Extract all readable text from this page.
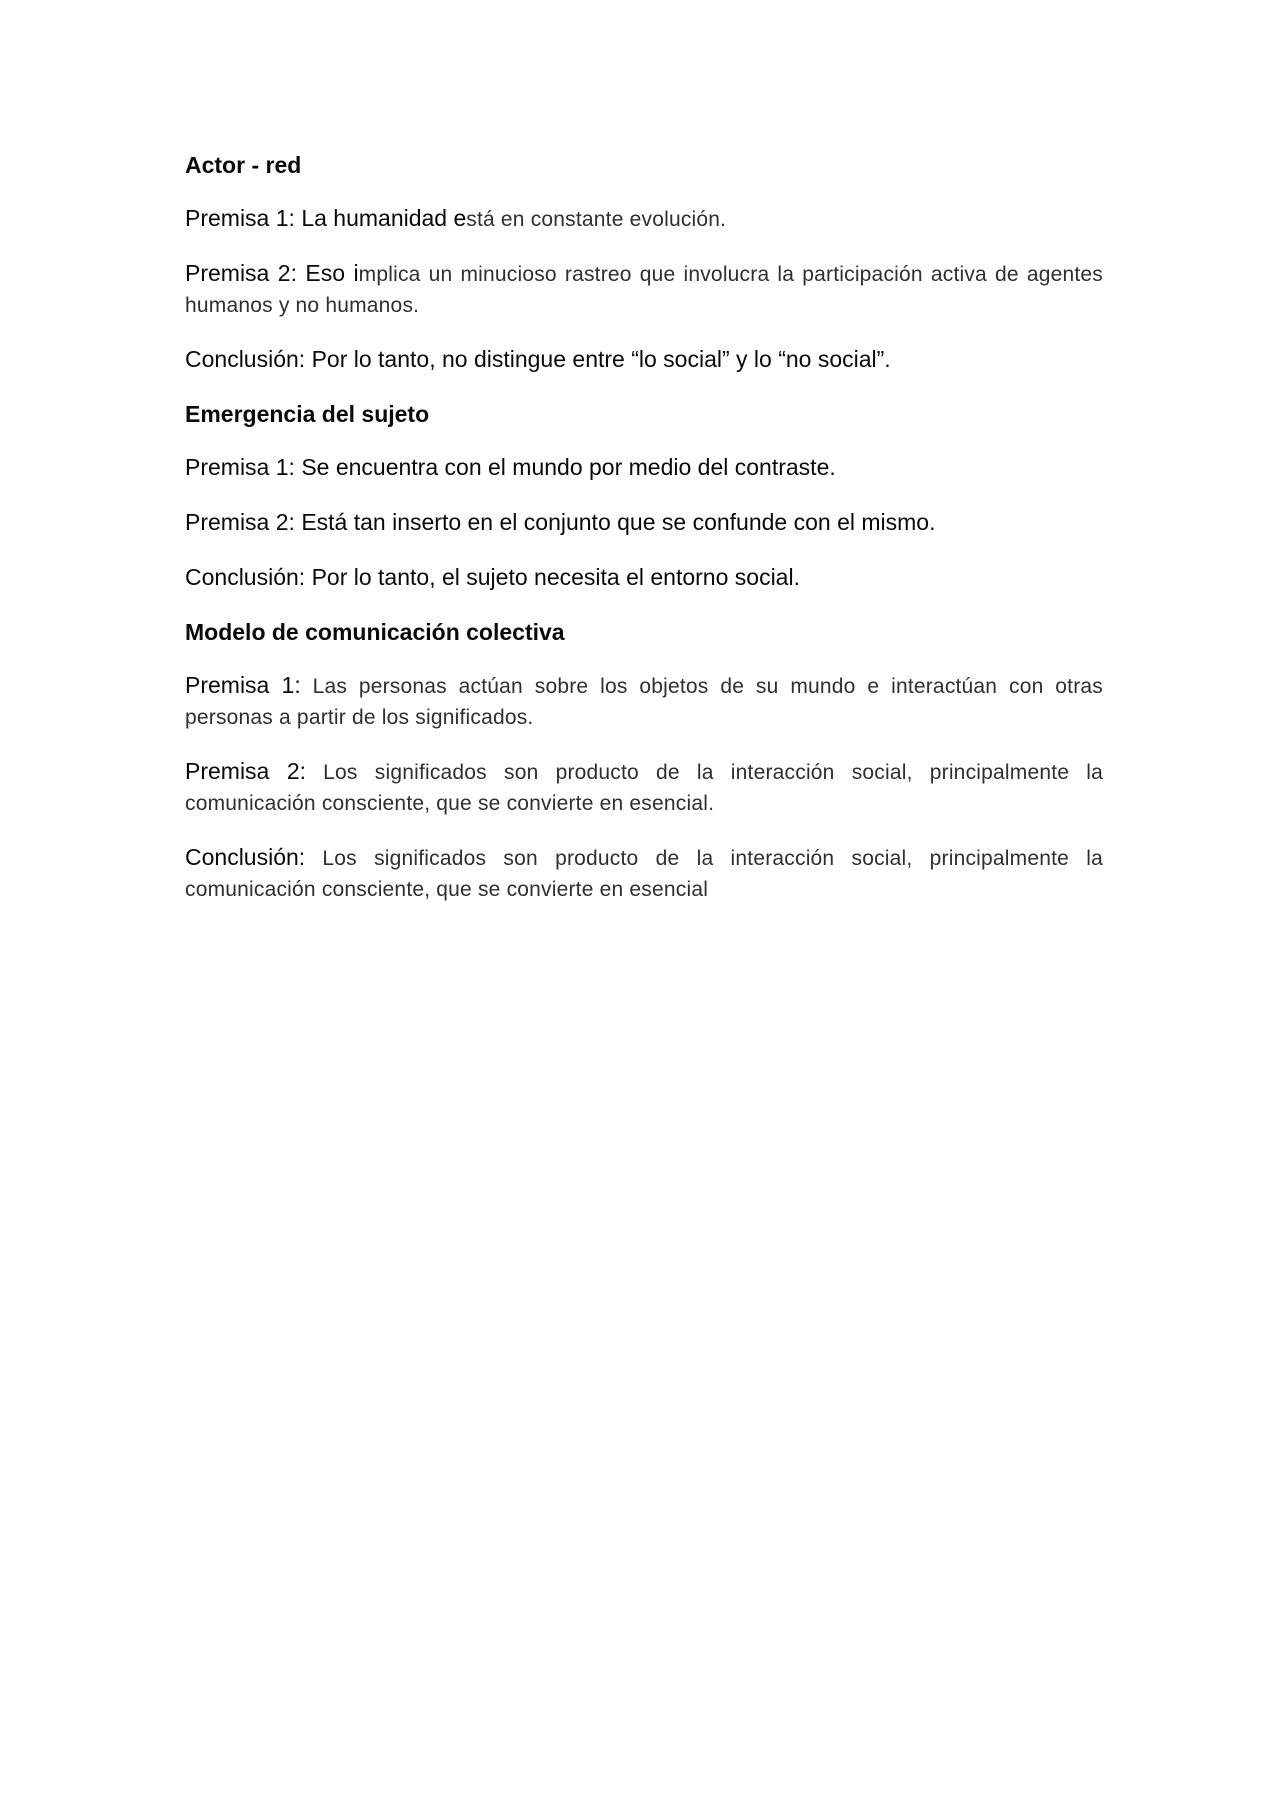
Actor - red

Premisa 1: La humanidad está en constante evolución.

Premisa 2: Eso implica un minucioso rastreo que involucra la participación activa de agentes humanos y no humanos.

Conclusión: Por lo tanto, no distingue entre “lo social” y lo “no social”.

Emergencia del sujeto

Premisa 1: Se encuentra con el mundo por medio del contraste.

Premisa 2: Está tan inserto en el conjunto que se confunde con el mismo.

Conclusión: Por lo tanto, el sujeto necesita el entorno social.

Modelo de comunicación colectiva

Premisa 1: Las personas actúan sobre los objetos de su mundo e interactúan con otras personas a partir de los significados.

Premisa 2: Los significados son producto de la interacción social, principalmente la comunicación consciente, que se convierte en esencial.

Conclusión: Los significados son producto de la interacción social, principalmente la comunicación consciente, que se convierte en esencial
